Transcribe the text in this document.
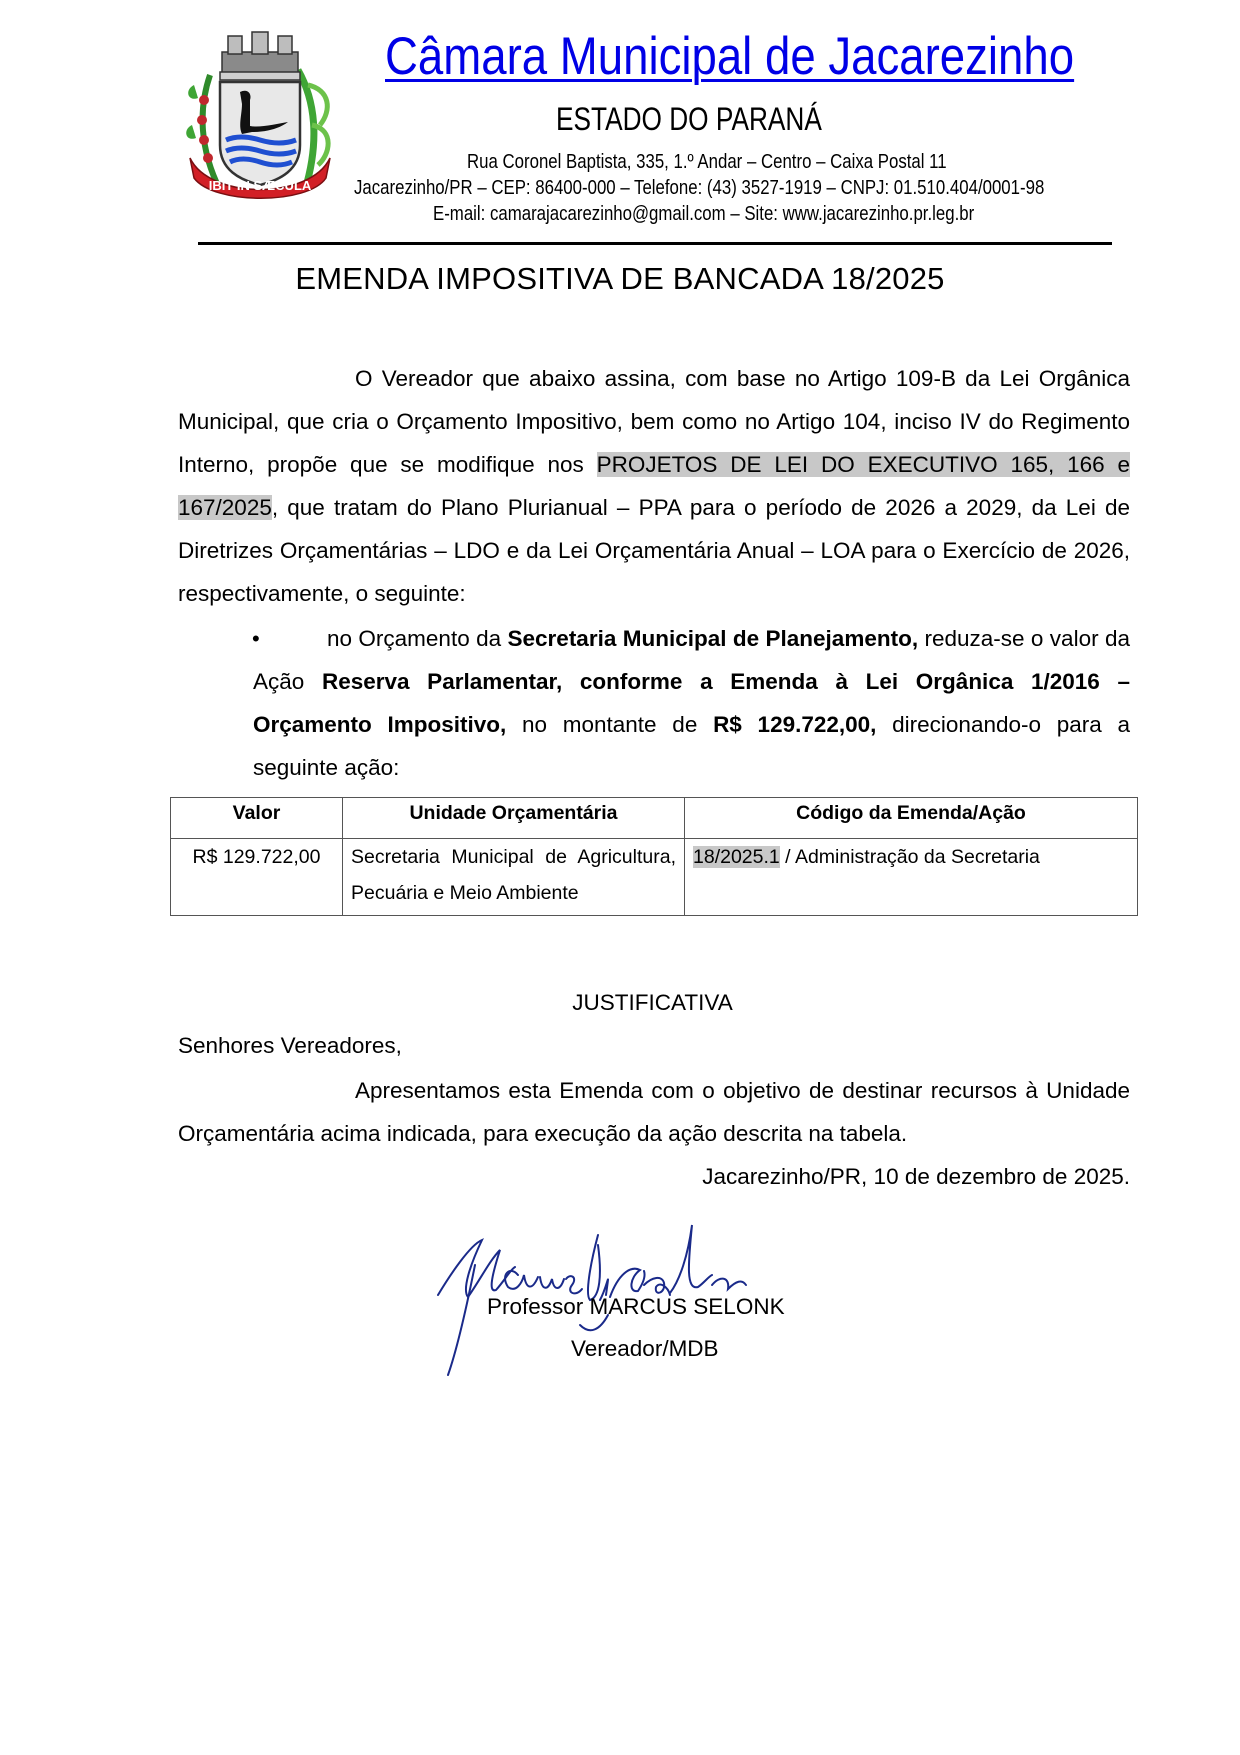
IBIT IN SÆCULA
Câmara Municipal de Jacarezinho
ESTADO DO PARANÁ
Rua Coronel Baptista, 335, 1.º Andar – Centro – Caixa Postal 11
Jacarezinho/PR – CEP: 86400-000 – Telefone: (43) 3527-1919 – CNPJ: 01.510.404/0001-98
E-mail: camarajacarezinho@gmail.com – Site: www.jacarezinho.pr.leg.br
EMENDA IMPOSITIVA DE BANCADA 18/2025
O Vereador que abaixo assina, com base no Artigo 109-B da Lei Orgânica Municipal, que cria o Orçamento Impositivo, bem como no Artigo 104, inciso IV do Regimento Interno, propõe que se modifique nos PROJETOS DE LEI DO EXECUTIVO 165, 166 e 167/2025, que tratam do Plano Plurianual – PPA para o período de 2026 a 2029, da Lei de Diretrizes Orçamentárias – LDO e da Lei Orçamentária Anual – LOA para o Exercício de 2026, respectivamente, o seguinte:
•	no Orçamento da Secretaria Municipal de Planejamento, reduza-se o valor da Ação Reserva Parlamentar, conforme a Emenda à Lei Orgânica 1/2016 – Orçamento Impositivo, no montante de R$ 129.722,00, direcionando-o para a seguinte ação:
Valor	Unidade Orçamentária	Código da Emenda/Ação
R$ 129.722,00	Secretaria Municipal de Agricultura, Pecuária e Meio Ambiente	18/2025.1 / Administração da Secretaria
JUSTIFICATIVA
Senhores Vereadores,
Apresentamos esta Emenda com o objetivo de destinar recursos à Unidade Orçamentária acima indicada, para execução da ação descrita na tabela.
Jacarezinho/PR, 10 de dezembro de 2025.
Professor MARCUS SELONK
Vereador/MDB
